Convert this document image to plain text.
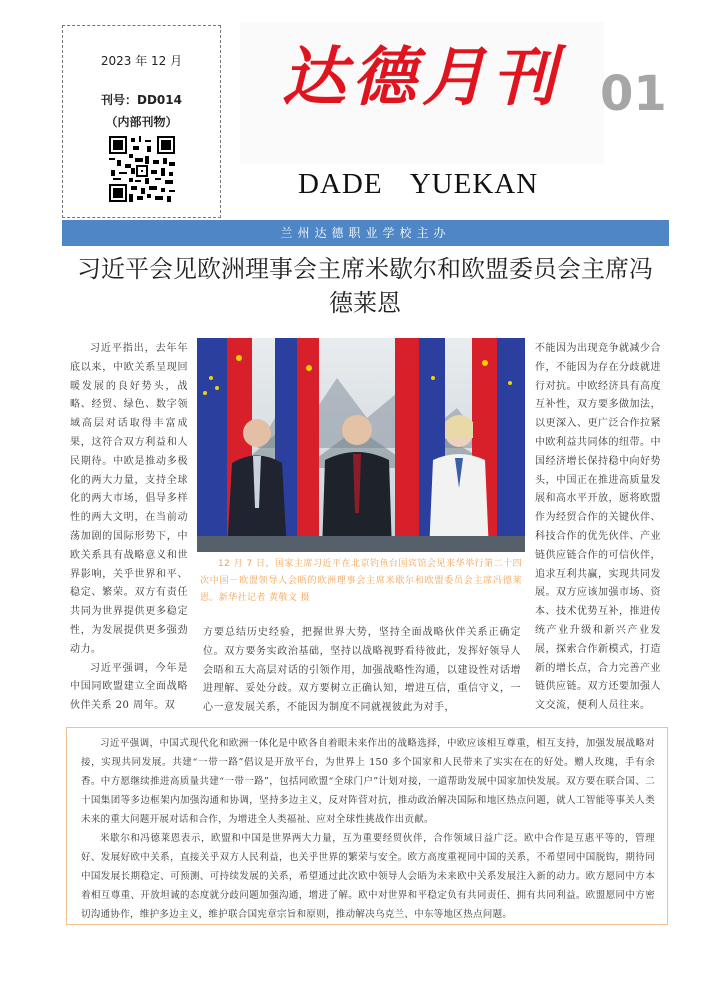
2023 年 12 月
刊号：DD014
（内部刊物）
达德月刊 01
DADE YUEKAN
兰州达德职业学校主办
习近平会见欧洲理事会主席米歇尔和欧盟委员会主席冯德莱恩

习近平指出，去年年底以来，中欧关系呈现回暖发展的良好势头，战略、经贸、绿色、数字领域高层对话取得丰富成果，这符合双方利益和人民期待。中欧是推动多极化的两大力量，支持全球化的两大市场，倡导多样性的两大文明，在当前动荡加剧的国际形势下，中欧关系具有战略意义和世界影响，关乎世界和平、稳定、繁荣。双方有责任共同为世界提供更多稳定性，为发展提供更多强劲动力。

习近平强调，今年是中国同欧盟建立全面战略伙伴关系 20 周年。双

12 月 7 日，国家主席习近平在北京钓鱼台国宾馆会见来华举行第二十四次中国－欧盟领导人会晤的欧洲理事会主席米歇尔和欧盟委员会主席冯德莱恩。新华社记者 黄敬文 摄

方要总结历史经验，把握世界大势，坚持全面战略伙伴关系正确定位。双方要务实政治基础，坚持以战略视野看待彼此，发挥好领导人会晤和五大高层对话的引领作用，加强战略性沟通，以建设性对话增进理解、妥处分歧。双方要树立正确认知，增进互信，重信守义，一心一意发展关系，不能因为制度不同就视彼此为对手，

不能因为出现竞争就减少合作，不能因为存在分歧就进行对抗。中欧经济具有高度互补性，双方要多做加法，以更深入、更广泛合作拉紧中欧利益共同体的纽带。中国经济增长保持稳中向好势头，中国正在推进高质量发展和高水平开放，愿将欧盟作为经贸合作的关键伙伴、科技合作的优先伙伴、产业链供应链合作的可信伙伴，追求互利共赢，实现共同发展。双方应该加强市场、资本、技术优势互补，推进传统产业升级和新兴产业发展，探索合作新模式，打造新的增长点，合力完善产业链供应链。双方还要加强人文交流，便利人员往来。

习近平强调，中国式现代化和欧洲一体化是中欧各自着眼未来作出的战略选择，中欧应该相互尊重，相互支持，加强发展战略对接，实现共同发展。共建“一带一路”倡议是开放平台，为世界上 150 多个国家和人民带来了实实在在的好处。赠人玫瑰，手有余香。中方愿继续推进高质量共建“一带一路”，包括同欧盟“全球门户”计划对接，一道帮助发展中国家加快发展。双方要在联合国、二十国集团等多边框架内加强沟通和协调，坚持多边主义，反对阵营对抗，推动政治解决国际和地区热点问题，就人工智能等事关人类未来的重大问题开展对话和合作，为增进全人类福祉、应对全球性挑战作出贡献。

米歇尔和冯德莱恩表示，欧盟和中国是世界两大力量，互为重要经贸伙伴，合作领域日益广泛。欧中合作是互惠平等的，管理好、发展好欧中关系，直接关乎双方人民利益，也关乎世界的繁荣与安全。欧方高度重视同中国的关系，不希望同中国脱钩，期待同中国发展长期稳定、可预测、可持续发展的关系，希望通过此次欧中领导人会晤为未来欧中关系发展注入新的动力。欧方愿同中方本着相互尊重、开放坦诚的态度就分歧问题加强沟通，增进了解。欧中对世界和平稳定负有共同责任、拥有共同利益。欧盟愿同中方密切沟通协作，维护多边主义，维护联合国宪章宗旨和原则，推动解决乌克兰、中东等地区热点问题。
